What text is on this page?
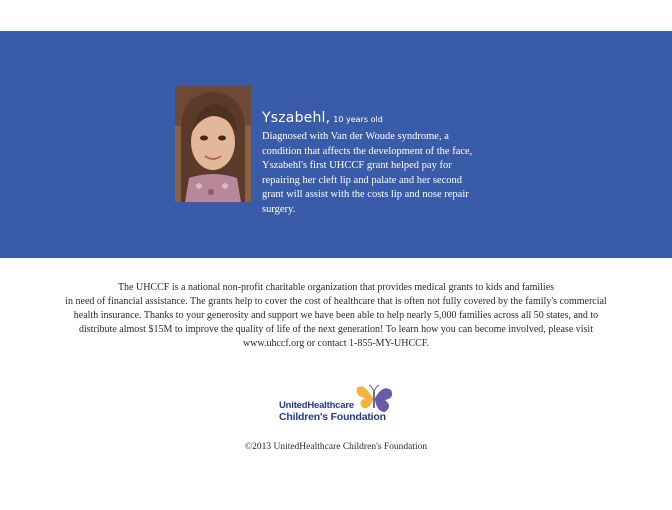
Yszabehl, 10 years old

Diagnosed with Van der Woude syndrome, a condition that affects the development of the face, Yszabehl's first UHCCF grant helped pay for repairing her cleft lip and palate and her second grant will assist with the costs lip and nose repair surgery.

The UHCCF is a national non-profit charitable organization that provides medical grants to kids and families
in need of financial assistance. The grants help to cover the cost of healthcare that is often not fully covered by the family's commercial
health insurance. Thanks to your generosity and support we have been able to help nearly 5,000 families across all 50 states, and to
distribute almost $15M to improve the quality of life of the next generation! To learn how you can become involved, please visit
www.uhccf.org or contact 1-855-MY-UHCCF.
UnitedHealthcare
Children's Foundation
©2013 UnitedHealthcare Children's Foundation
